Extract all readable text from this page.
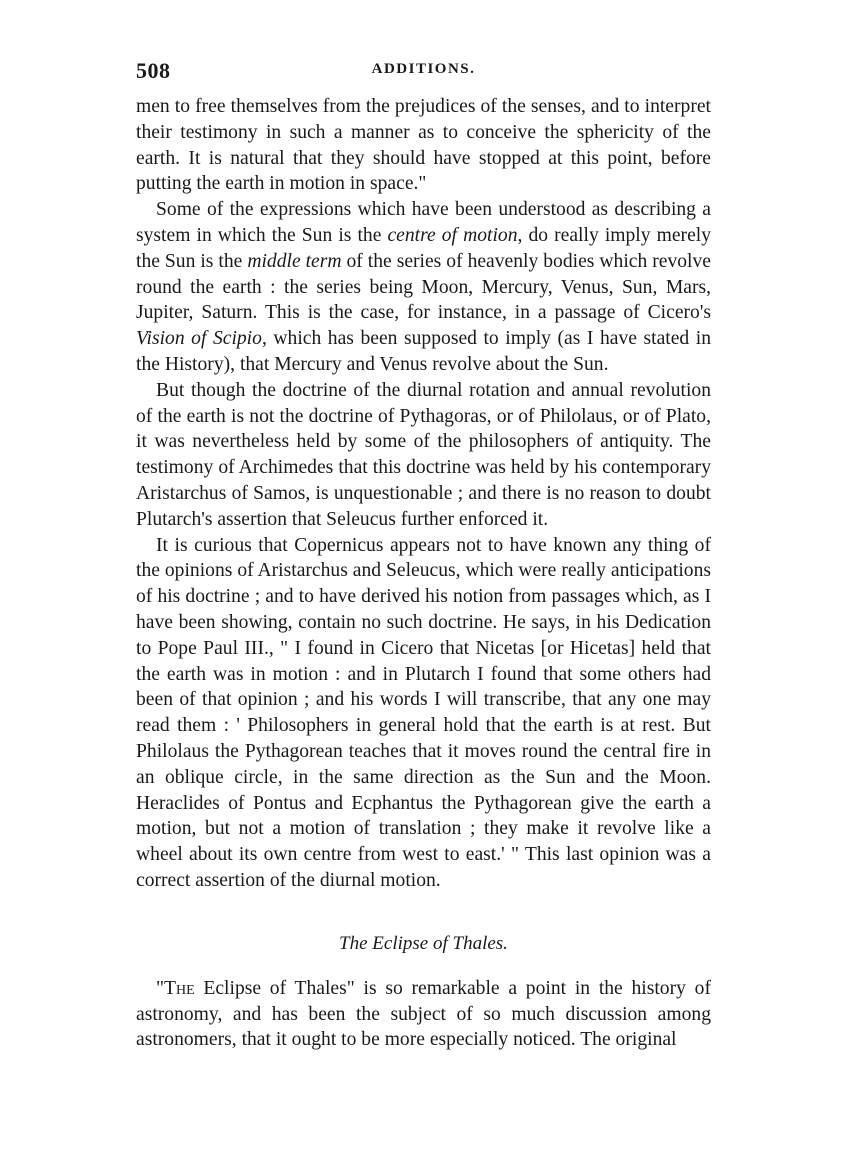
508	ADDITIONS.

men to free themselves from the prejudices of the senses, and to interpret their testimony in such a manner as to conceive the sphericity of the earth. It is natural that they should have stopped at this point, before putting the earth in motion in space."

Some of the expressions which have been understood as describing a system in which the Sun is the centre of motion, do really imply merely the Sun is the middle term of the series of heavenly bodies which revolve round the earth : the series being Moon, Mercury, Venus, Sun, Mars, Jupiter, Saturn. This is the case, for instance, in a passage of Cicero's Vision of Scipio, which has been supposed to imply (as I have stated in the History), that Mercury and Venus revolve about the Sun.

But though the doctrine of the diurnal rotation and annual revolution of the earth is not the doctrine of Pythagoras, or of Philolaus, or of Plato, it was nevertheless held by some of the philosophers of antiquity. The testimony of Archimedes that this doctrine was held by his contemporary Aristarchus of Samos, is unquestionable ; and there is no reason to doubt Plutarch's assertion that Seleucus further enforced it.

It is curious that Copernicus appears not to have known any thing of the opinions of Aristarchus and Seleucus, which were really anticipations of his doctrine ; and to have derived his notion from passages which, as I have been showing, contain no such doctrine. He says, in his Dedication to Pope Paul III., " I found in Cicero that Nicetas [or Hicetas] held that the earth was in motion : and in Plutarch I found that some others had been of that opinion ; and his words I will transcribe, that any one may read them : ' Philosophers in general hold that the earth is at rest. But Philolaus the Pythagorean teaches that it moves round the central fire in an oblique circle, in the same direction as the Sun and the Moon. Heraclides of Pontus and Ecphantus the Pythagorean give the earth a motion, but not a motion of translation ; they make it revolve like a wheel about its own centre from west to east.' " This last opinion was a correct assertion of the diurnal motion.

The Eclipse of Thales.

"The Eclipse of Thales" is so remarkable a point in the history of astronomy, and has been the subject of so much discussion among astronomers, that it ought to be more especially noticed. The original
